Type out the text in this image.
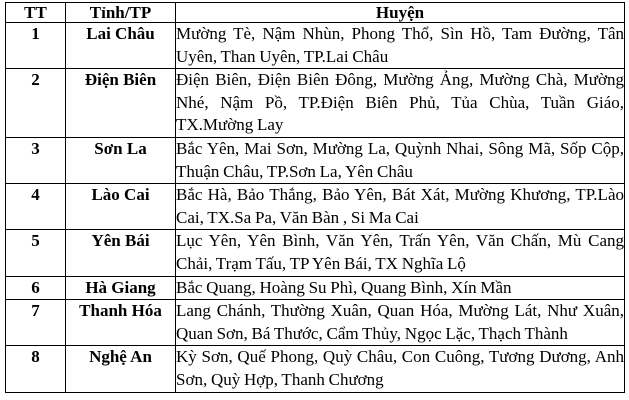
TT	Tỉnh/TP	Huyện
1	Lai Châu	Mường Tè, Nậm Nhùn, Phong Thổ, Sìn Hồ, Tam Đường, Tân Uyên, Than Uyên, TP.Lai Châu
2	Điện Biên	Điện Biên, Điện Biên Đông, Mường Ảng, Mường Chà, Mường Nhé, Nậm Pồ, TP.Điện Biên Phủ, Tủa Chùa, Tuần Giáo, TX.Mường Lay
3	Sơn La	Bắc Yên, Mai Sơn, Mường La, Quỳnh Nhai, Sông Mã, Sốp Cộp, Thuận Châu, TP.Sơn La, Yên Châu
4	Lào Cai	Bắc Hà, Bảo Thắng, Bảo Yên, Bát Xát, Mường Khương, TP.Lào Cai, TX.Sa Pa, Văn Bàn , Si Ma Cai
5	Yên Bái	Lục Yên, Yên Bình, Văn Yên, Trấn Yên, Văn Chấn, Mù Cang Chải, Trạm Tấu, TP Yên Bái, TX Nghĩa Lộ
6	Hà Giang	Bắc Quang, Hoàng Su Phì, Quang Bình, Xín Mần
7	Thanh Hóa	Lang Chánh, Thường Xuân, Quan Hóa, Mường Lát, Như Xuân, Quan Sơn, Bá Thước, Cẩm Thủy, Ngọc Lặc, Thạch Thành
8	Nghệ An	Kỳ Sơn, Quế Phong, Quỳ Châu, Con Cuông, Tương Dương, Anh Sơn, Quỳ Hợp, Thanh Chương
